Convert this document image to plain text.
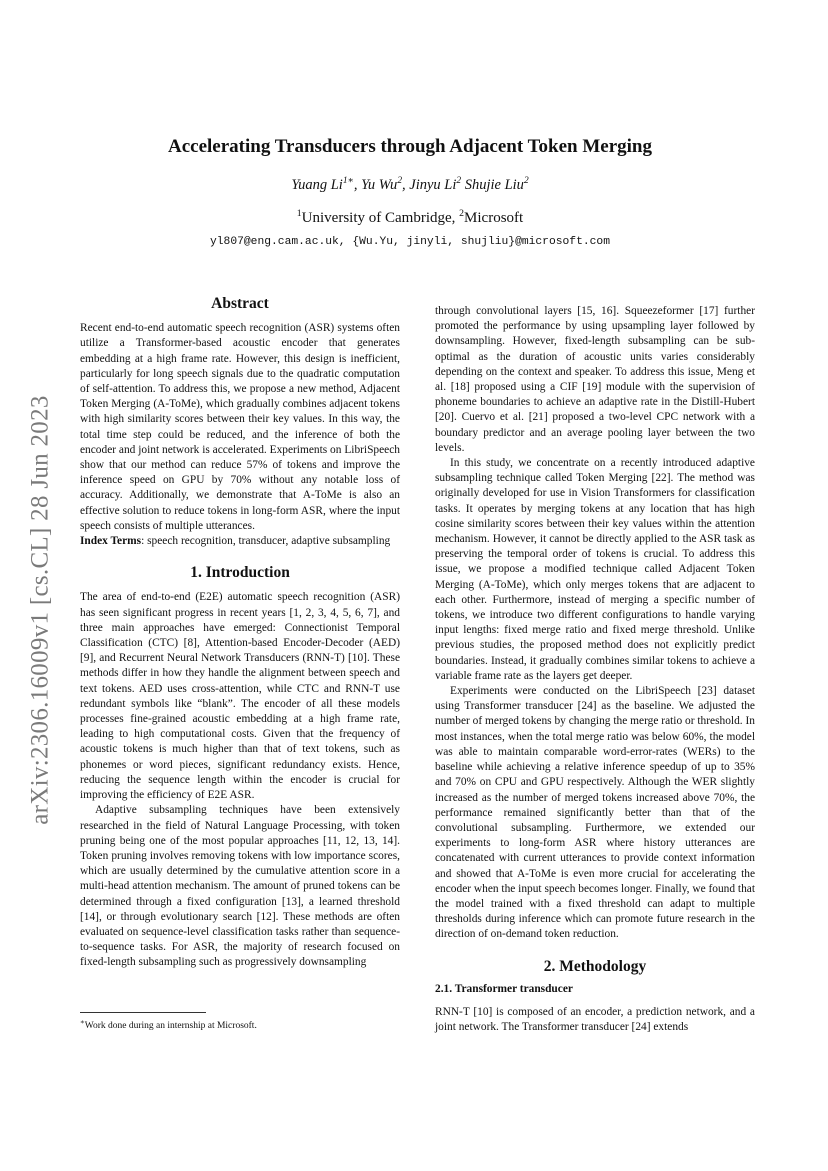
arXiv:2306.16009v1 [cs.CL] 28 Jun 2023
Accelerating Transducers through Adjacent Token Merging
Yuang $Li^{1∗}$, Yu Wu$^2$, Jinyu Li$^2$ Shujie Liu$^2$
$^1$University of Cambridge, $^2$Microsoft
yl807@eng.cam.ac.uk, {Wu.Yu, jinyli, shujliu}@microsoft.com
Abstract

Recent end-to-end automatic speech recognition (ASR) systems often utilize a Transformer-based acoustic encoder that generates embedding at a high frame rate. However, this design is inefficient, particularly for long speech signals due to the quadratic computation of self-attention. To address this, we propose a new method, Adjacent Token Merging (A-ToMe), which gradually combines adjacent tokens with high similarity scores between their key values. In this way, the total time step could be reduced, and the inference of both the encoder and joint network is accelerated. Experiments on LibriSpeech show that our method can reduce 57% of tokens and improve the inference speed on GPU by 70% without any notable loss of accuracy. Additionally, we demonstrate that A-ToMe is also an effective solution to reduce tokens in long-form ASR, where the input speech consists of multiple utterances.

Index Terms: speech recognition, transducer, adaptive subsampling

1. Introduction

The area of end-to-end (E2E) automatic speech recognition (ASR) has seen significant progress in recent years [1, 2, 3, 4, 5, 6, 7], and three main approaches have emerged: Connectionist Temporal Classification (CTC) [8], Attention-based Encoder-Decoder (AED) [9], and Recurrent Neural Network Transducers (RNN-T) [10]. These methods differ in how they handle the alignment between speech and text tokens. AED uses cross-attention, while CTC and RNN-T use redundant symbols like “blank”. The encoder of all these models processes fine-grained acoustic embedding at a high frame rate, leading to high computational costs. Given that the frequency of acoustic tokens is much higher than that of text tokens, such as phonemes or word pieces, significant redundancy exists. Hence, reducing the sequence length within the encoder is crucial for improving the efficiency of E2E ASR.

Adaptive subsampling techniques have been extensively researched in the field of Natural Language Processing, with token pruning being one of the most popular approaches [11, 12, 13, 14]. Token pruning involves removing tokens with low importance scores, which are usually determined by the cumulative attention score in a multi-head attention mechanism. The amount of pruned tokens can be determined through a fixed configuration [13], a learned threshold [14], or through evolutionary search [12]. These methods are often evaluated on sequence-level classification tasks rather than sequence-to-sequence tasks. For ASR, the majority of research focused on fixed-length subsampling such as progressively downsampling

∗Work done during an internship at Microsoft.

through convolutional layers [15, 16]. Squeezeformer [17] further promoted the performance by using upsampling layer followed by downsampling. However, fixed-length subsampling can be sub-optimal as the duration of acoustic units varies considerably depending on the context and speaker. To address this issue, Meng et al. [18] proposed using a CIF [19] module with the supervision of phoneme boundaries to achieve an adaptive rate in the Distill-Hubert [20]. Cuervo et al. [21] proposed a two-level CPC network with a boundary predictor and an average pooling layer between the two levels.

In this study, we concentrate on a recently introduced adaptive subsampling technique called Token Merging [22]. The method was originally developed for use in Vision Transformers for classification tasks. It operates by merging tokens at any location that has high cosine similarity scores between their key values within the attention mechanism. However, it cannot be directly applied to the ASR task as preserving the temporal order of tokens is crucial. To address this issue, we propose a modified technique called Adjacent Token Merging (A-ToMe), which only merges tokens that are adjacent to each other. Furthermore, instead of merging a specific number of tokens, we introduce two different configurations to handle varying input lengths: fixed merge ratio and fixed merge threshold. Unlike previous studies, the proposed method does not explicitly predict boundaries. Instead, it gradually combines similar tokens to achieve a variable frame rate as the layers get deeper.

Experiments were conducted on the LibriSpeech [23] dataset using Transformer transducer [24] as the baseline. We adjusted the number of merged tokens by changing the merge ratio or threshold. In most instances, when the total merge ratio was below 60%, the model was able to maintain comparable word-error-rates (WERs) to the baseline while achieving a relative inference speedup of up to 35% and 70% on CPU and GPU respectively. Although the WER slightly increased as the number of merged tokens increased above 70%, the performance remained significantly better than that of the convolutional subsampling. Furthermore, we extended our experiments to long-form ASR where history utterances are concatenated with current utterances to provide context information and showed that A-ToMe is even more crucial for accelerating the encoder when the input speech becomes longer. Finally, we found that the model trained with a fixed threshold can adapt to multiple thresholds during inference which can promote future research in the direction of on-demand token reduction.

2. Methodology
2.1. Transformer transducer

RNN-T [10] is composed of an encoder, a prediction network, and a joint network. The Transformer transducer [24] extends
